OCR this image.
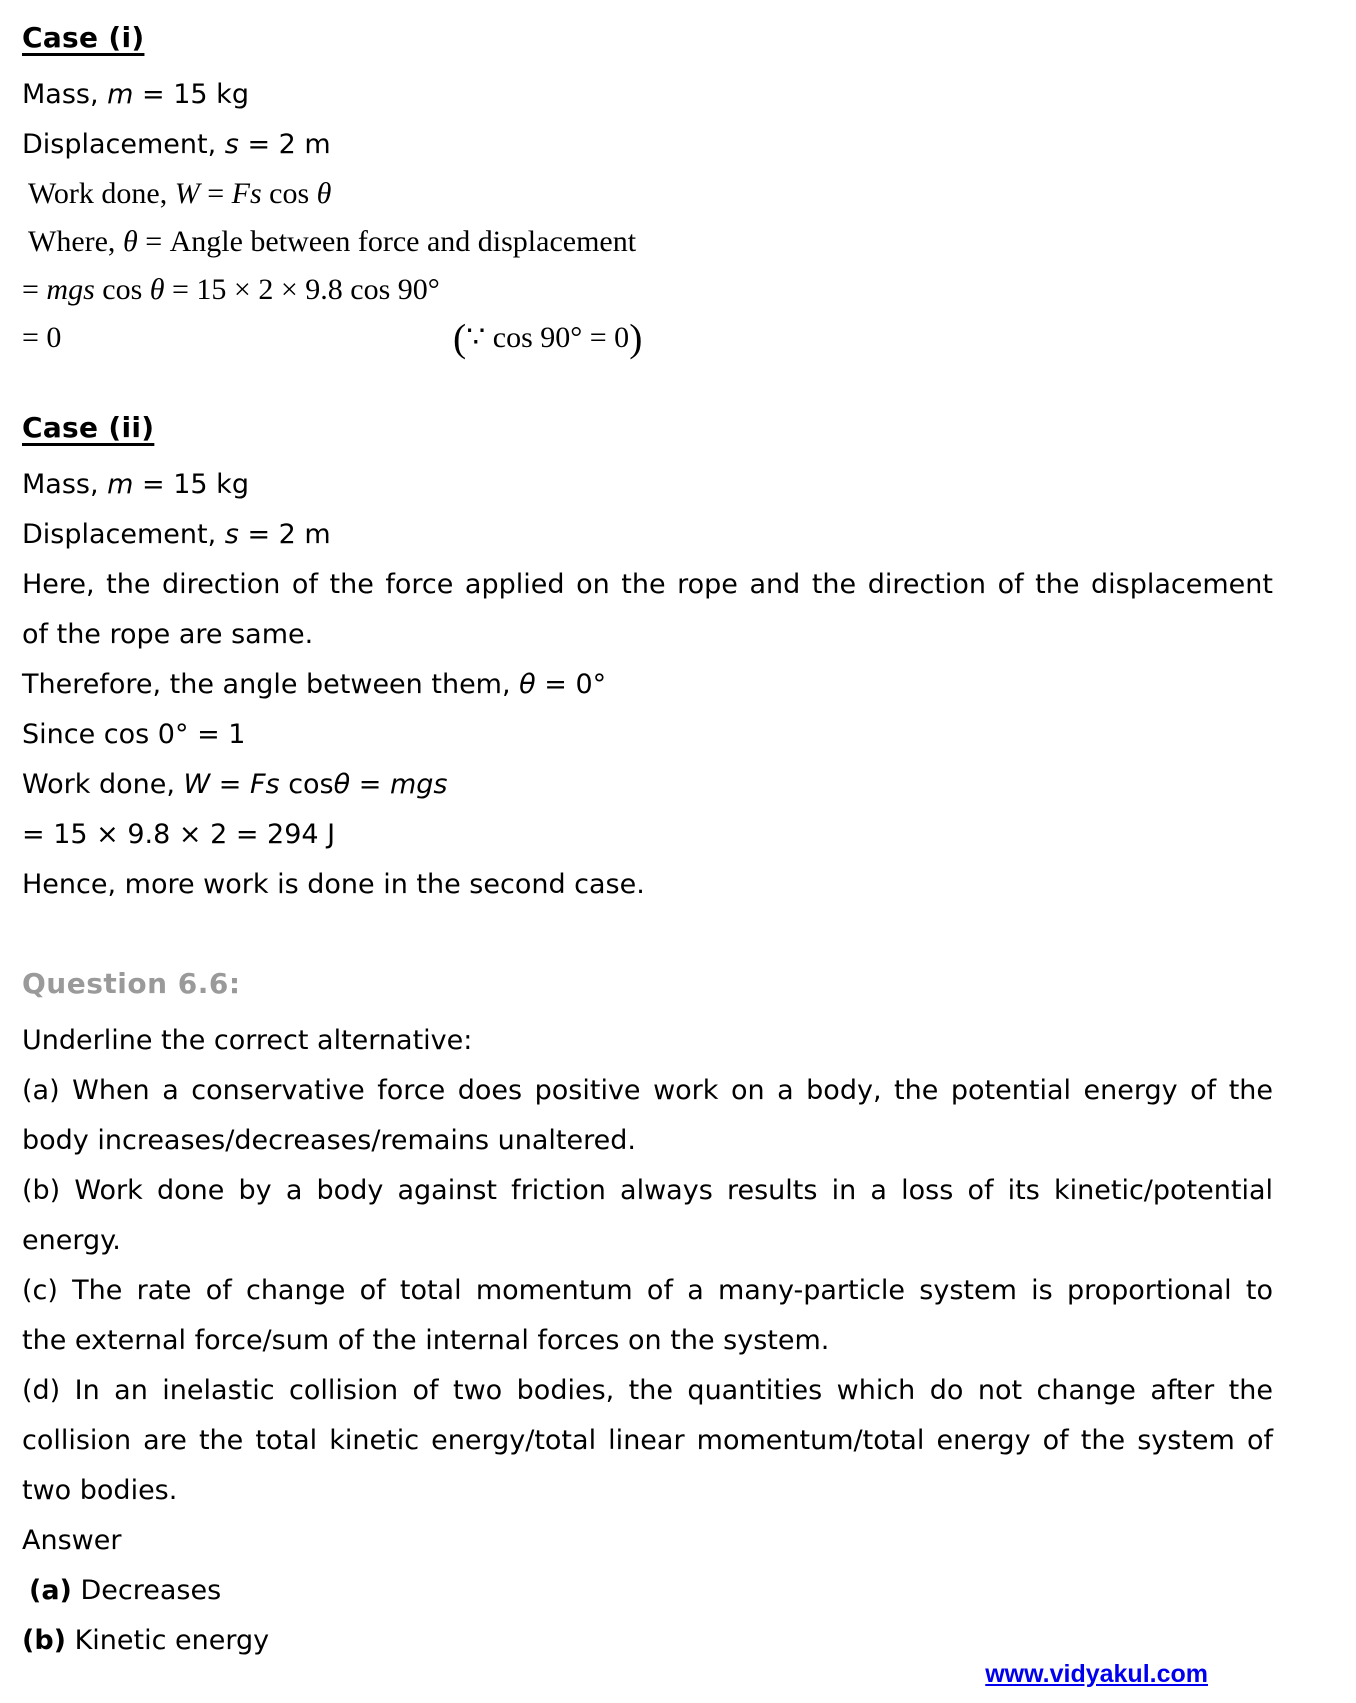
Case (i)
Mass, m = 15 kg
Displacement, s = 2 m
Work done, W = Fs cos θ
Where, θ = Angle between force and displacement
= mgs cos θ = 15 × 2 × 9.8 cos 90°
= 0	(∵ cos 90° = 0)
Case (ii)
Mass, m = 15 kg
Displacement, s = 2 m
Here, the direction of the force applied on the rope and the direction of the displacement
of the rope are same.
Therefore, the angle between them, θ = 0°
Since cos 0° = 1
Work done, W = Fs cosθ = mgs
= 15 × 9.8 × 2 = 294 J
Hence, more work is done in the second case.
Question 6.6:
Underline the correct alternative:
(a) When a conservative force does positive work on a body, the potential energy of the
body increases/decreases/remains unaltered.
(b) Work done by a body against friction always results in a loss of its kinetic/potential
energy.
(c) The rate of change of total momentum of a many-particle system is proportional to
the external force/sum of the internal forces on the system.
(d) In an inelastic collision of two bodies, the quantities which do not change after the
collision are the total kinetic energy/total linear momentum/total energy of the system of
two bodies.
Answer
(a) Decreases
(b) Kinetic energy
www.vidyakul.com
